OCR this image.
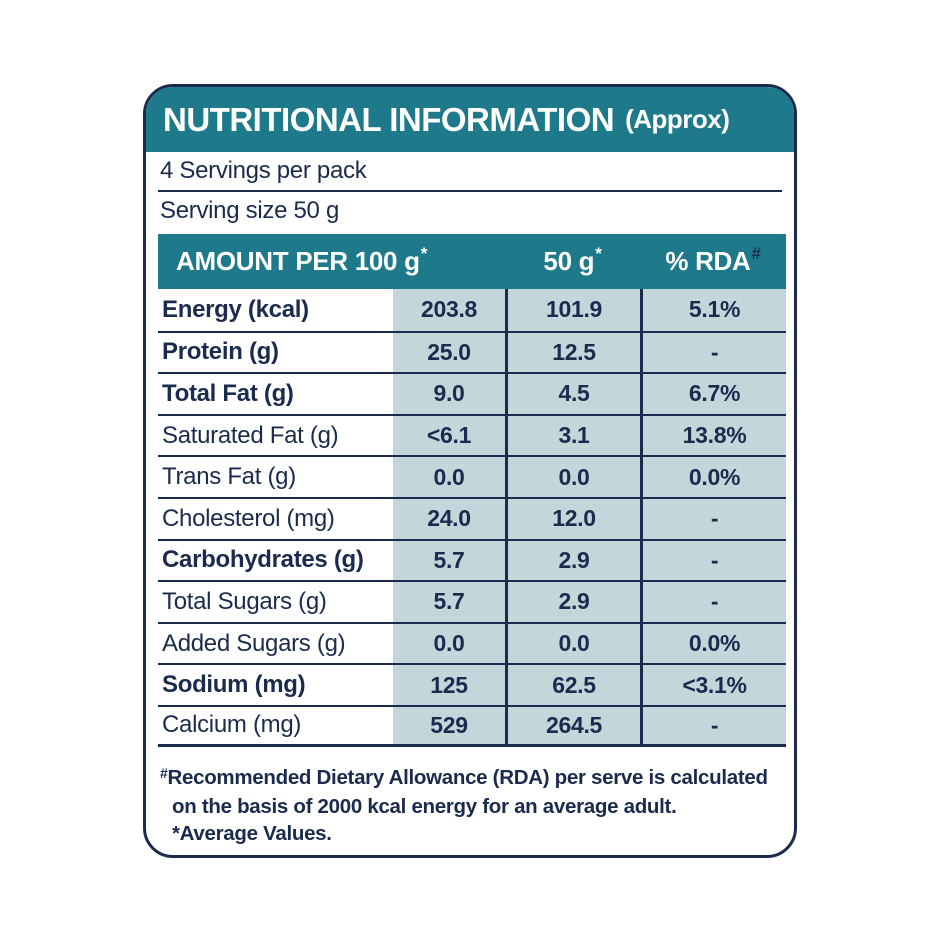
NUTRITIONAL INFORMATION (Approx)
4 Servings per pack
Serving size 50 g
AMOUNT PER 100 g *	50 g * % RDA #
Energy (kcal)	203.8	101.9	5.1%
Protein (g)	25.0	12.5	-
Total Fat (g)	9.0	4.5	6.7%
Saturated Fat (g)	<6.1	3.1	13.8%
Trans Fat (g)	0.0	0.0	0.0%
Cholesterol (mg)	24.0	12.0	-
Carbohydrates (g)	5.7	2.9	-
Total Sugars (g)	5.7	2.9	-
Added Sugars (g)	0.0	0.0	0.0%
Sodium (mg)	125	62.5	<3.1%
Calcium (mg)	529	264.5	-

#Recommended Dietary Allowance (RDA) per serve is calculated on the basis of 2000 kcal energy for an average adult.

*Average Values.
